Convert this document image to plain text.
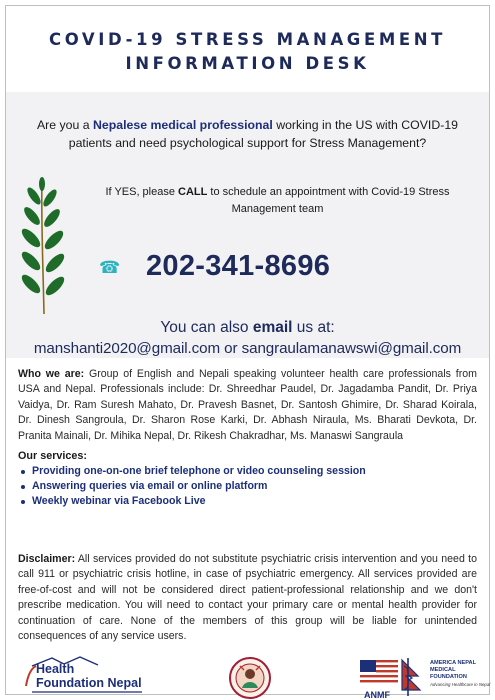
COVID-19 STRESS MANAGEMENT
INFORMATION DESK
Are you a Nepalese medical professional working in the US with COVID-19 patients and need psychological support for Stress Management?
If YES, please CALL to schedule an appointment with Covid-19 Stress Management team
☎ 202-341-8696
You can also email us at:
manshanti2020@gmail.com or sangraulamanawswi@gmail.com

Who we are: Group of English and Nepali speaking volunteer health care professionals from USA and Nepal. Professionals include: Dr. Shreedhar Paudel, Dr. Jagadamba Pandit, Dr. Priya Vaidya, Dr. Ram Suresh Mahato, Dr. Pravesh Basnet, Dr. Santosh Ghimire, Dr. Sharad Koirala, Dr. Dinesh Sangroula, Dr. Sharon Rose Karki, Dr. Abhash Niraula, Ms. Bharati Devkota, Dr. Pranita Mainali, Dr. Mihika Nepal, Dr. Rikesh Chakradhar, Ms. Manaswi Sangraula

Our services:
Providing one-on-one brief telephone or video counseling session
Answering queries via email or online platform
Weekly webinar via Facebook Live

Disclaimer: All services provided do not substitute psychiatric crisis intervention and you need to call 911 or psychiatric crisis hotline, in case of psychiatric emergency. All services provided are free-of-cost and will not be considered direct patient-professional relationship and we don't prescribe medication. You will need to contact your primary care or mental health provider for continuation of care. None of the members of this group will be liable for unintended consequences of any service users.

Health
Foundation Nepal
ANMF
AMERICA NEPAL
MEDICAL
FOUNDATION
Advancing Healthcare in Nepal
